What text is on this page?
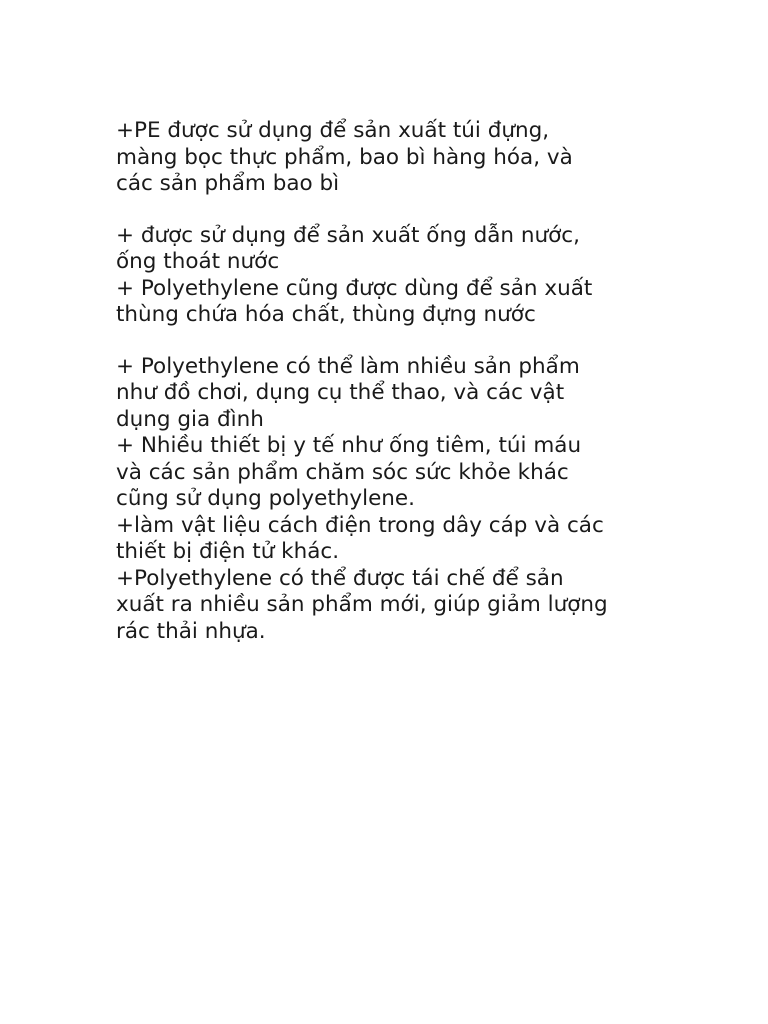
+PE được sử dụng để sản xuất túi đựng,
màng bọc thực phẩm, bao bì hàng hóa, và
các sản phẩm bao bì

+ được sử dụng để sản xuất ống dẫn nước,
ống thoát nước

+ Polyethylene cũng được dùng để sản xuất
thùng chứa hóa chất, thùng đựng nước

+ Polyethylene có thể làm nhiều sản phẩm
như đồ chơi, dụng cụ thể thao, và các vật
dụng gia đình

+ Nhiều thiết bị y tế như ống tiêm, túi máu
và các sản phẩm chăm sóc sức khỏe khác
cũng sử dụng polyethylene.

+làm vật liệu cách điện trong dây cáp và các
thiết bị điện tử khác.

+Polyethylene có thể được tái chế để sản
xuất ra nhiều sản phẩm mới, giúp giảm lượng
rác thải nhựa.
